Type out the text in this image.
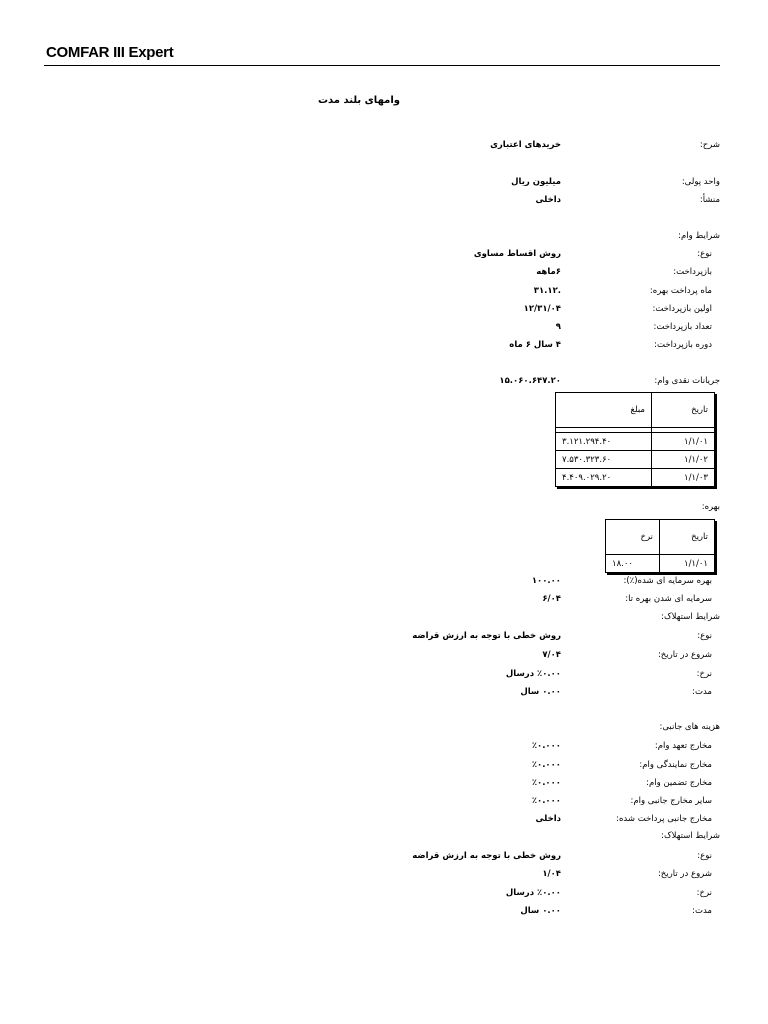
COMFAR III Expert
وامهای بلند مدت
شرح:
خریدهای اعتباری
واحد پولی:
میلیون ریال
منشأ:
داخلی
شرایط وام:
نوع:
روش اقساط مساوی
بازپرداخت:
۶ماهه
ماه پرداخت بهره:
.۳۱.۱۲
اولین بازپرداخت:
۱۲/۳۱/۰۴
تعداد بازپرداخت:
۹
دوره بازپرداخت:
۴ سال ۶ ماه
جریانات نقدی وام:
۱۵.۰۶۰.۶۴۷.۲۰
تاریخ	مبلغ

۱/۱/۰۱	۳.۱۲۱.۲۹۴.۴۰
۱/۱/۰۲	۷.۵۳۰.۳۲۳.۶۰
۱/۱/۰۳	۴.۴۰۹.۰۲۹.۲۰
بهره:
تاریخ	نرخ
۱/۱/۰۱	۱۸.۰۰
بهره سرمایه ای شده(٪):
۱۰۰.۰۰
سرمایه ای شدن بهره تا:
۶/۰۴
شرایط استهلاک:
نوع:
روش خطی با توجه به ارزش قراضه
شروع در تاریخ:
۷/۰۴
نرخ:
٪۰.۰۰ درسال
مدت:
۰.۰۰ سال
هزینه های جانبی:
مخارج تعهد وام:
٪۰.۰۰۰
مخارج نمایندگی وام:
٪۰.۰۰۰
مخارج تضمین وام:
٪۰.۰۰۰
سایر مخارج جانبی وام:
٪۰.۰۰۰
مخارج جانبی پرداخت شده:
داخلی
شرایط استهلاک:
نوع:
روش خطی با توجه به ارزش قراضه
شروع در تاریخ:
۱/۰۴
نرخ:
٪۰.۰۰ درسال
مدت:
۰.۰۰ سال
